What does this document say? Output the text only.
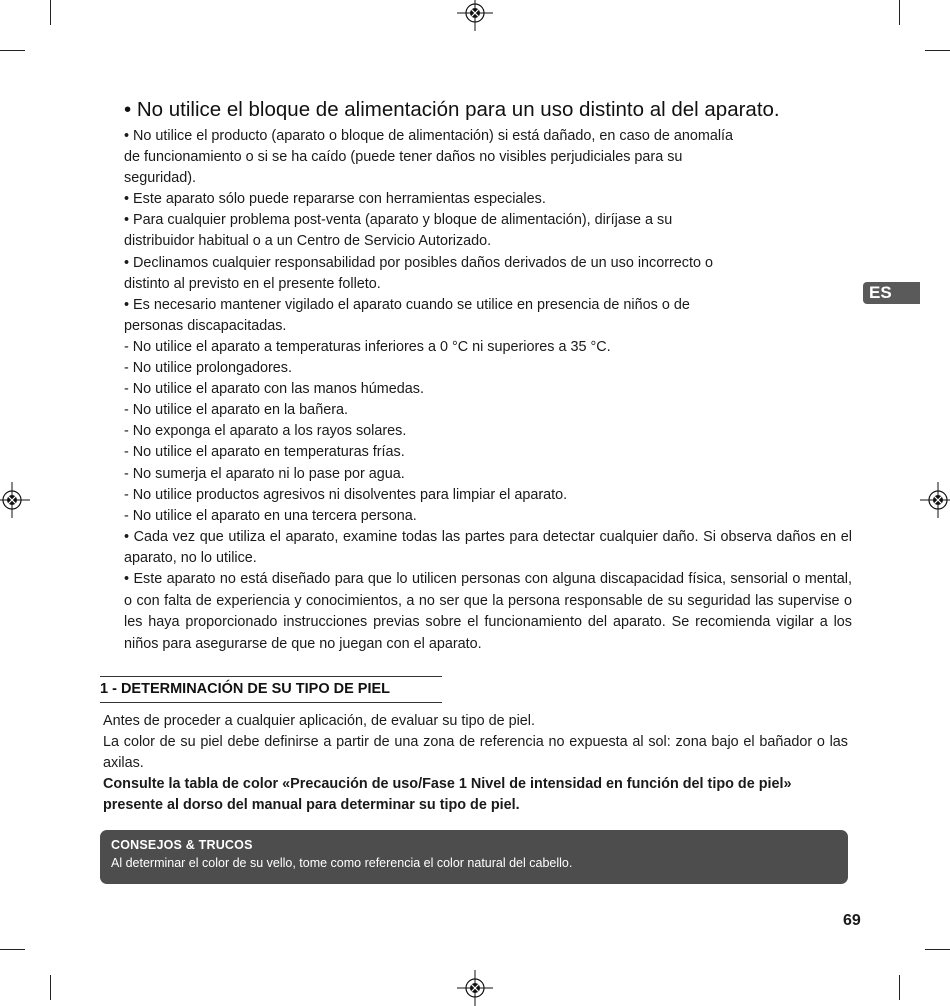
• No utilice el bloque de alimentación para un uso distinto al del aparato.

• No utilice el producto (aparato o bloque de alimentación) si está dañado, en caso de anomalía

de funcionamiento o si se ha caído (puede tener daños no visibles perjudiciales para su

seguridad).

• Este aparato sólo puede repararse con herramientas especiales.

• Para cualquier problema post-venta (aparato y bloque de alimentación), diríjase a su

distribuidor habitual o a un Centro de Servicio Autorizado.

• Declinamos cualquier responsabilidad por posibles daños derivados de un uso incorrecto o

distinto al previsto en el presente folleto.

• Es necesario mantener vigilado el aparato cuando se utilice en presencia de niños o de

personas discapacitadas.

- No utilice el aparato a temperaturas inferiores a 0 °C ni superiores a 35 °C.

- No utilice prolongadores.

- No utilice el aparato con las manos húmedas.

- No utilice el aparato en la bañera.

- No exponga el aparato a los rayos solares.

- No utilice el aparato en temperaturas frías.

- No sumerja el aparato ni lo pase por agua.

- No utilice productos agresivos ni disolventes para limpiar el aparato.

- No utilice el aparato en una tercera persona.

• Cada vez que utiliza el aparato, examine todas las partes para detectar cualquier daño. Si observa daños en el aparato, no lo utilice.

• Este aparato no está diseñado para que lo utilicen personas con alguna discapacidad física, sensorial o mental, o con falta de experiencia y conocimientos, a no ser que la persona responsable de su seguridad las supervise o les haya proporcionado instrucciones previas sobre el funcionamiento del aparato. Se recomienda vigilar a los niños para asegurarse de que no juegan con el aparato.

ES
1 - DETERMINACIÓN DE SU TIPO DE PIEL

Antes de proceder a cualquier aplicación, de evaluar su tipo de piel.

La color de su piel debe definirse a partir de una zona de referencia no expuesta al sol: zona bajo el bañador o las axilas.

Consulte la tabla de color «Precaución de uso/Fase 1 Nivel de intensidad en función del tipo de piel» presente al dorso del manual para determinar su tipo de piel.

CONSEJOS & TRUCOS
Al determinar el color de su vello, tome como referencia el color natural del cabello.
69
